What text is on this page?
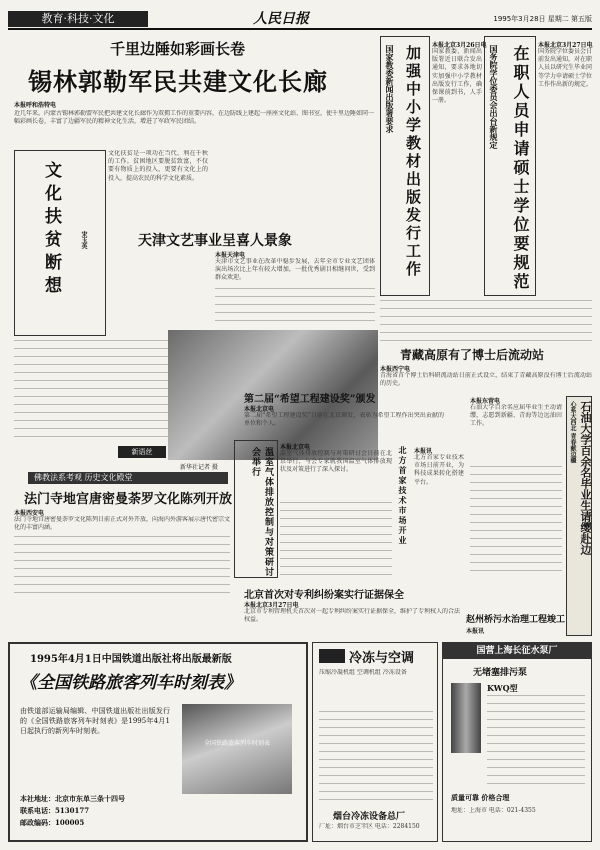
教育·科技·文化	人民日报	1995年3月28日 星期二 第五版
千里边陲如彩画长卷
锡林郭勒军民共建文化长廊
本报呼和浩特电
近几年来，内蒙古锡林郭勒盟军民把共建文化长廊作为双拥工作的重要内容，在边防线上建起一座座文化站、图书室，使千里边陲如同一幅彩画长卷，丰富了边疆军民的精神文化生活，增进了军政军民团结。
文化扶贫断想	宋玉英
文化扶贫是一项功在当代、利在千秋的工作。贫困地区要脱贫致富，不仅要有物质上的投入，更要有文化上的投入，提高农民的科学文化素质。
天津文艺事业呈喜人景象
本报天津电
天津市文艺事业在改革中稳步发展，去年全市专业文艺团体演出场次比上年有较大增加，一批优秀剧目相继问世，受到群众欢迎。
新华社记者 摄
新语丝
佛教法系考观 历史文化殿堂
法门寺地宫唐密曼荼罗文化陈列开放
本报西安电
法门寺地宫唐密曼荼罗文化陈列日前正式对外开放，向海内外游客展示唐代密宗文化的丰富内涵。
加强中小学教材出版发行工作
国家教委新闻出版署要求	本报北京3月26日电
国家教委、新闻出版署近日联合发出通知，要求各地切实加强中小学教材出版发行工作，确保课前到书，人手一册。	在职人员申请硕士学位要规范
国务院学位委员会出台新规定	本报北京3月27日电
国务院学位委员会日前发出通知，对在职人员以研究生毕业同等学力申请硕士学位工作作出新的规定。
青藏高原有了博士后流动站
本报西宁电
青海省首个博士后科研流动站日前正式设立，结束了青藏高原没有博士后流动站的历史。
第二届“希望工程建设奖”颁发
本报北京电
第二届“希望工程建设奖”日前在北京颁发，表彰为希望工程作出突出贡献的单位和个人。
温室气体排放控制与对策研讨会举行	本报北京电
温室气体排放控制与对策研讨会日前在北京举行，与会专家就我国温室气体排放现状及对策进行了深入探讨。	北方首家技术市场开业 本报讯
北方首家专业技术市场日前开业，为科技成果转化搭建平台。
心系大西北 青春献边疆 石油大学百余名毕业生请缨赴边
本报东营电
石油大学百余名应届毕业生主动请缨，志愿到新疆、青海等边远油田工作。
北京首次对专利纠纷案实行证据保全
本报北京3月27日电
北京市专利管理机关首次对一起专利纠纷案实行证据保全，维护了专利权人的合法权益。	赵州桥污水治理工程竣工
本报讯
1995年4月1日中国铁道出版社将出版最新版
《全国铁路旅客列车时刻表》
由铁道部运输局编辑、中国铁道出版社出版发行的《全国铁路旅客列车时刻表》是1995年4月1日起执行的新列车时刻表。
本社地址：北京市东单三条十四号
联系电话：5130177
邮政编码：100005
全国铁路旅客列车时刻表
冷冻与空调
压缩冷凝机组 空调机组 冷冻设备
烟台冷冻设备总厂
厂址：烟台市芝罘区 电话：2284150
国营上海长征水泵厂
无堵塞排污泵
KWQ型
质量可靠 价格合理
地址：上海市 电话：021-4355
